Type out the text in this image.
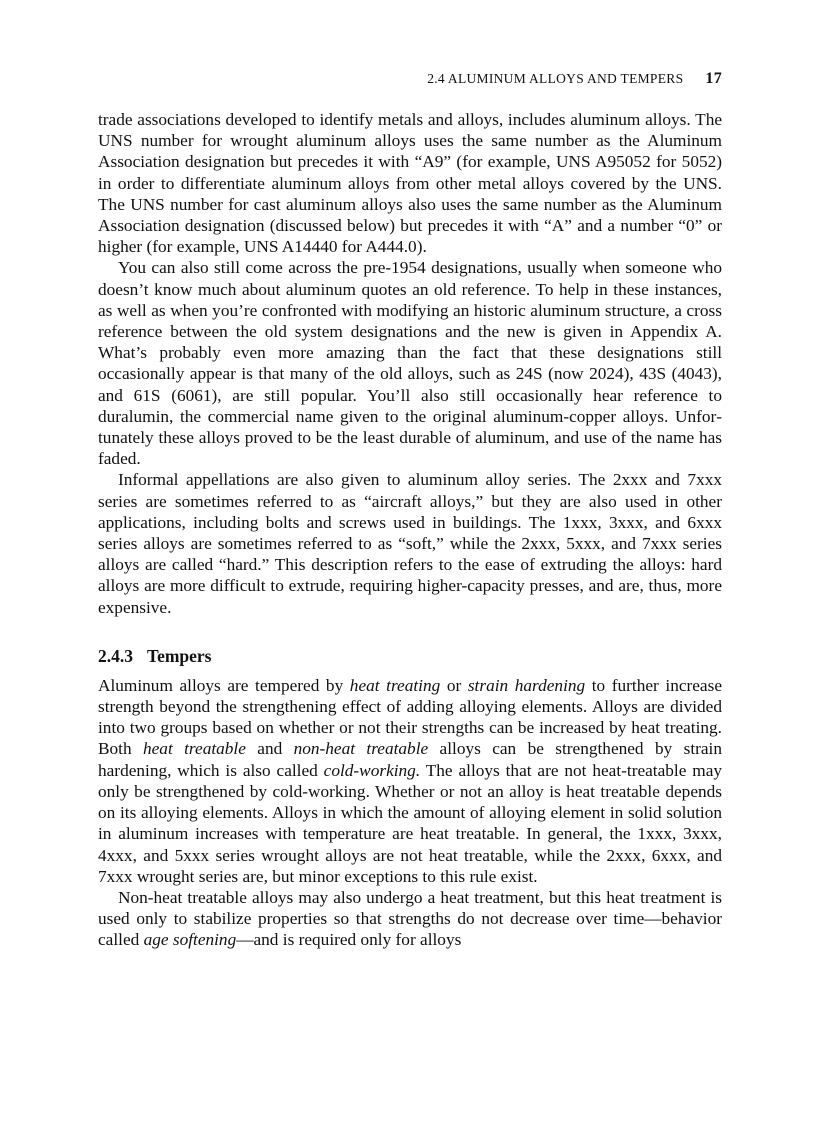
2.4 ALUMINUM ALLOYS AND TEMPERS 17

trade associations developed to identify metals and alloys, includes aluminum alloys. The UNS number for wrought aluminum alloys uses the same number as the Aluminum Association designation but precedes it with “A9” (for example, UNS A95052 for 5052) in order to differentiate aluminum alloys from other metal alloys covered by the UNS. The UNS number for cast aluminum alloys also uses the same number as the Aluminum Association designation (discussed below) but precedes it with “A” and a number “0” or higher (for example, UNS A14440 for A444.0).

You can also still come across the pre-1954 designations, usually when someone who doesn’t know much about aluminum quotes an old reference. To help in these instances, as well as when you’re confronted with modifying an historic aluminum structure, a cross reference between the old system designations and the new is given in Appendix A. What’s probably even more amazing than the fact that these designations still occasionally appear is that many of the old alloys, such as 24S (now 2024), 43S (4043), and 61S (6061), are still popular. You’ll also still occasionally hear reference to duralumin, the commercial name given to the original aluminum-copper alloys. Unfortunately these alloys proved to be the least durable of aluminum, and use of the name has faded.

Informal appellations are also given to aluminum alloy series. The 2xxx and 7xxx series are sometimes referred to as “aircraft alloys,” but they are also used in other applications, including bolts and screws used in buildings. The 1xxx, 3xxx, and 6xxx series alloys are sometimes referred to as “soft,” while the 2xxx, 5xxx, and 7xxx series alloys are called “hard.” This description refers to the ease of extruding the alloys: hard alloys are more difficult to extrude, requiring higher-capacity presses, and are, thus, more expensive.

2.4.3 Tempers

Aluminum alloys are tempered by heat treating or strain hardening to further increase strength beyond the strengthening effect of adding alloying elements. Alloys are divided into two groups based on whether or not their strengths can be increased by heat treating. Both heat treatable and non-heat treatable alloys can be strengthened by strain hardening, which is also called cold-working. The alloys that are not heat-treatable may only be strengthened by cold-working. Whether or not an alloy is heat treatable depends on its alloying elements. Alloys in which the amount of alloying element in solid solution in aluminum increases with temperature are heat treatable. In general, the 1xxx, 3xxx, 4xxx, and 5xxx series wrought alloys are not heat treatable, while the 2xxx, 6xxx, and 7xxx wrought series are, but minor exceptions to this rule exist.

Non-heat treatable alloys may also undergo a heat treatment, but this heat treatment is used only to stabilize properties so that strengths do not decrease over time—behavior called age softening—and is required only for alloys
